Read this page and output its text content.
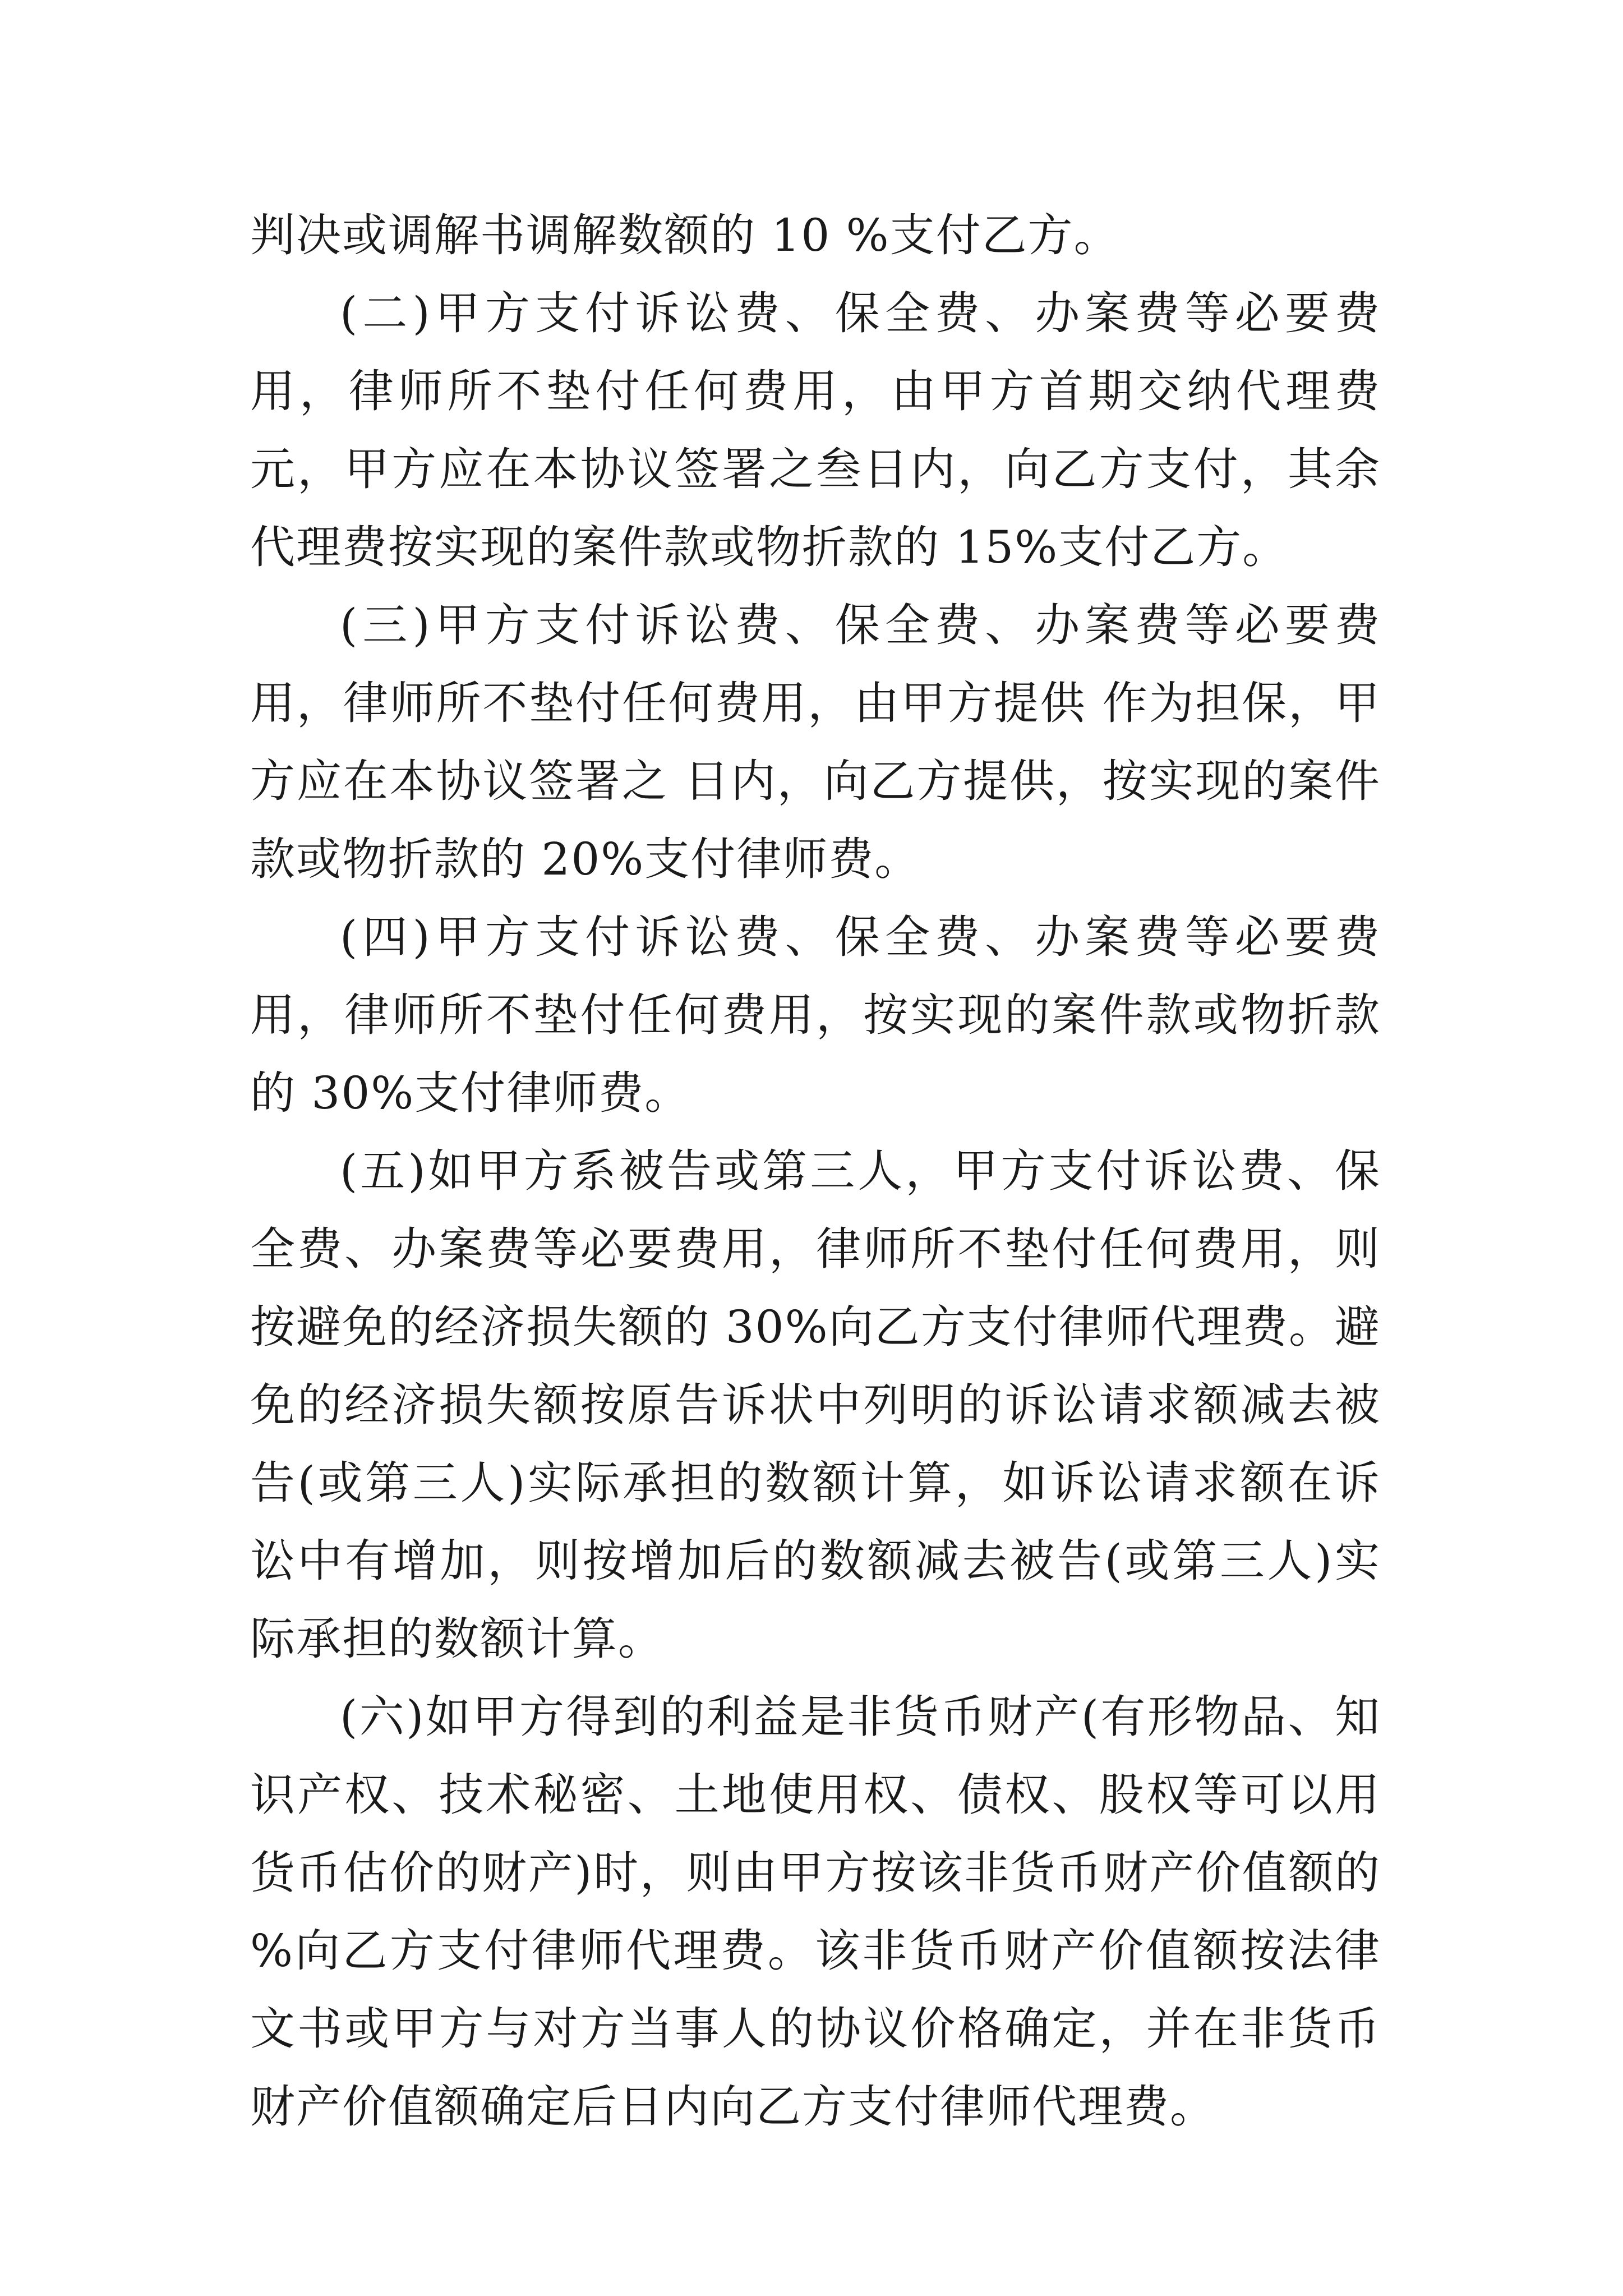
判决或调解书调解数额的 10 %支付乙方。

(二)甲方支付诉讼费、保全费、办案费等必要费用，律师所不垫付任何费用，由甲方首期交纳代理费 元，甲方应在本协议签署之叁日内，向乙方支付，其余代理费按实现的案件款或物折款的 15%支付乙方。

(三)甲方支付诉讼费、保全费、办案费等必要费用，律师所不垫付任何费用，由甲方提供 作为担保，甲方应在本协议签署之 日内，向乙方提供，按实现的案件款或物折款的 20%支付律师费。

(四)甲方支付诉讼费、保全费、办案费等必要费用，律师所不垫付任何费用，按实现的案件款或物折款的 30%支付律师费。

(五)如甲方系被告或第三人，甲方支付诉讼费、保全费、办案费等必要费用，律师所不垫付任何费用，则按避免的经济损失额的 30%向乙方支付律师代理费。避免的经济损失额按原告诉状中列明的诉讼请求额减去被告(或第三人)实际承担的数额计算，如诉讼请求额在诉讼中有增加，则按增加后的数额减去被告(或第三人)实际承担的数额计算。

(六)如甲方得到的利益是非货币财产(有形物品、知识产权、技术秘密、土地使用权、债权、股权等可以用货币估价的财产)时，则由甲方按该非货币财产价值额的 %向乙方支付律师代理费。该非货币财产价值额按法律文书或甲方与对方当事人的协议价格确定，并在非货币财产价值额确定后日内向乙方支付律师代理费。
